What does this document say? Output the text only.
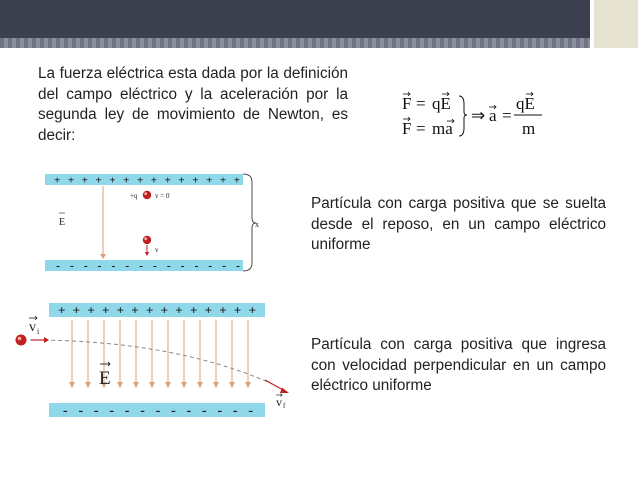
La fuerza eléctrica esta dada por la definición del campo eléctrico y la aceleración por la segunda ley de movimiento de Newton, es decir:
F = qE
F = ma
⇒ a =
qE
m
+ + + + + + + + + + + + + +
- - - - - - - - - - - - - -
E
+q	v = 0
v
x
Partícula con carga positiva que se suelta desde el reposo, en un campo eléctrico uniforme
+ + + + + + + + + + + + + +
- - - - - - - - - - - - -
v i
v f
E
Partícula con carga positiva que ingresa con velocidad perpendicular en un campo eléctrico uniforme
